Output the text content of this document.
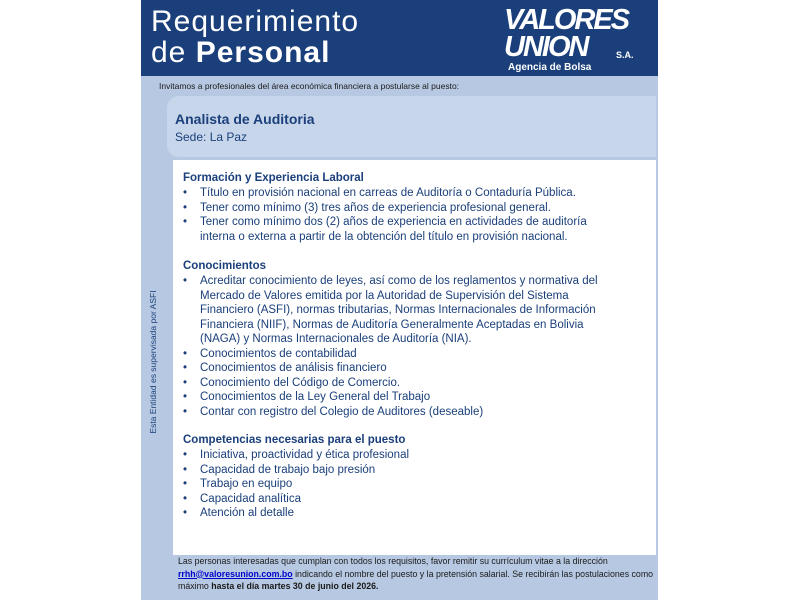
Requerimiento
de Personal
VALORES
UNION	S.A.
Agencia de Bolsa
Invitamos a profesionales del área económica financiera a postularse al puesto:
Esta Entidad es supervisada por ASFI
Analista de Auditoria
Sede: La Paz
Formación y Experiencia Laboral
• Título en provisión nacional en carreas de Auditoría o Contaduría Pública.
• Tener como mínimo (3) tres años de experiencia profesional general.
• Tener como mínimo dos (2) años de experiencia en actividades de auditoría interna o externa a partir de la obtención del título en provisión nacional.
Conocimientos
• Acreditar conocimiento de leyes, así como de los reglamentos y normativa del Mercado de Valores emitida por la Autoridad de Supervisión del Sistema Financiero (ASFI), normas tributarias, Normas Internacionales de Información Financiera (NIIF), Normas de Auditoría Generalmente Aceptadas en Bolivia (NAGA) y Normas Internacionales de Auditoría (NIA).
• Conocimientos de contabilidad
• Conocimientos de análisis financiero
• Conocimiento del Código de Comercio.
• Conocimientos de la Ley General del Trabajo
• Contar con registro del Colegio de Auditores (deseable)
Competencias necesarias para el puesto
• Iniciativa, proactividad y ética profesional
• Capacidad de trabajo bajo presión
• Trabajo en equipo
• Capacidad analítica
• Atención al detalle
Las personas interesadas que cumplan con todos los requisitos, favor remitir su currículum vitae a la dirección rrhh@valoresunion.com.bo indicando el nombre del puesto y la pretensión salarial. Se recibirán las postulaciones como máximo hasta el día martes 30 de junio del 2026.
